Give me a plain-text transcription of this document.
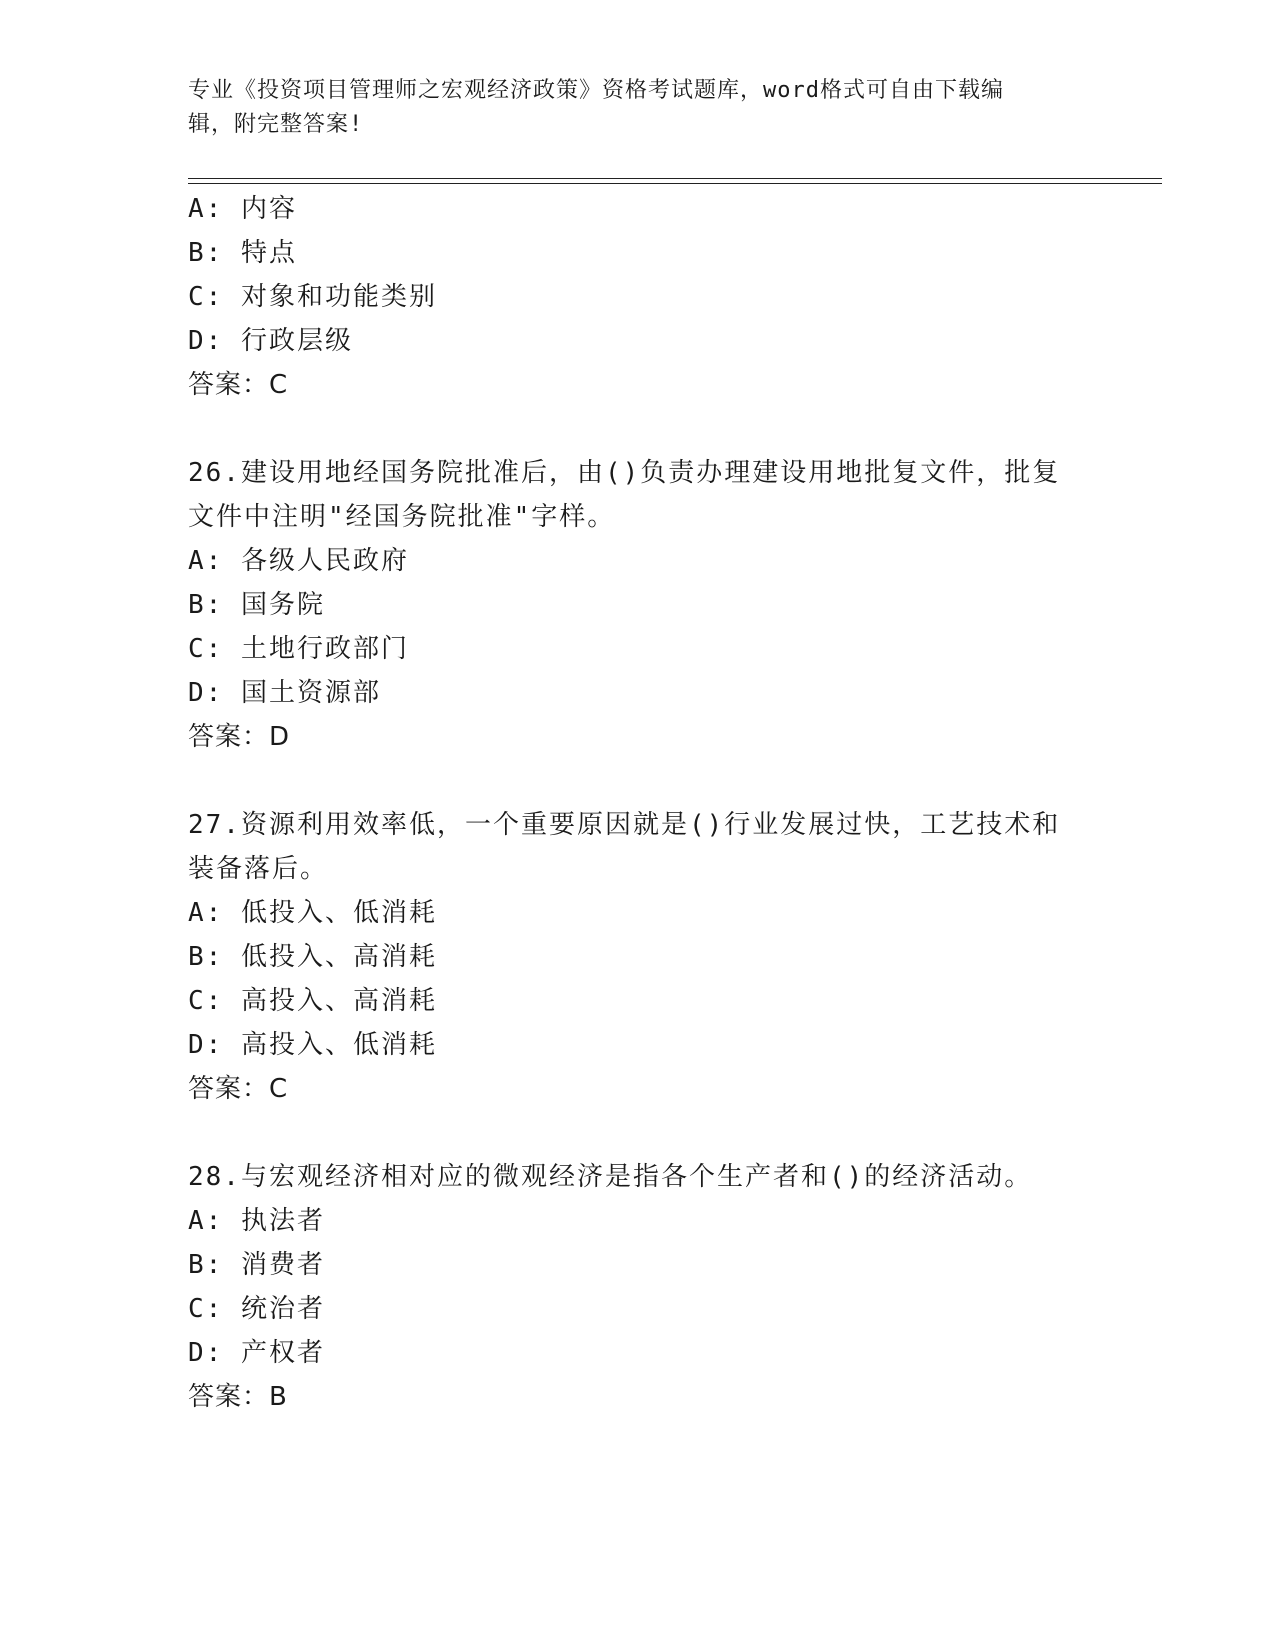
专业《投资项目管理师之宏观经济政策》资格考试题库，word格式可自由下载编
辑，附完整答案!
A: 内容
B: 特点
C: 对象和功能类别
D: 行政层级
答案：C
26.建设用地经国务院批准后，由()负责办理建设用地批复文件，批复
文件中注明"经国务院批准"字样。
A: 各级人民政府
B: 国务院
C: 土地行政部门
D: 国土资源部
答案：D
27.资源利用效率低，一个重要原因就是()行业发展过快，工艺技术和
装备落后。
A: 低投入、低消耗
B: 低投入、高消耗
C: 高投入、高消耗
D: 高投入、低消耗
答案：C
28.与宏观经济相对应的微观经济是指各个生产者和()的经济活动。
A: 执法者
B: 消费者
C: 统治者
D: 产权者
答案：B
